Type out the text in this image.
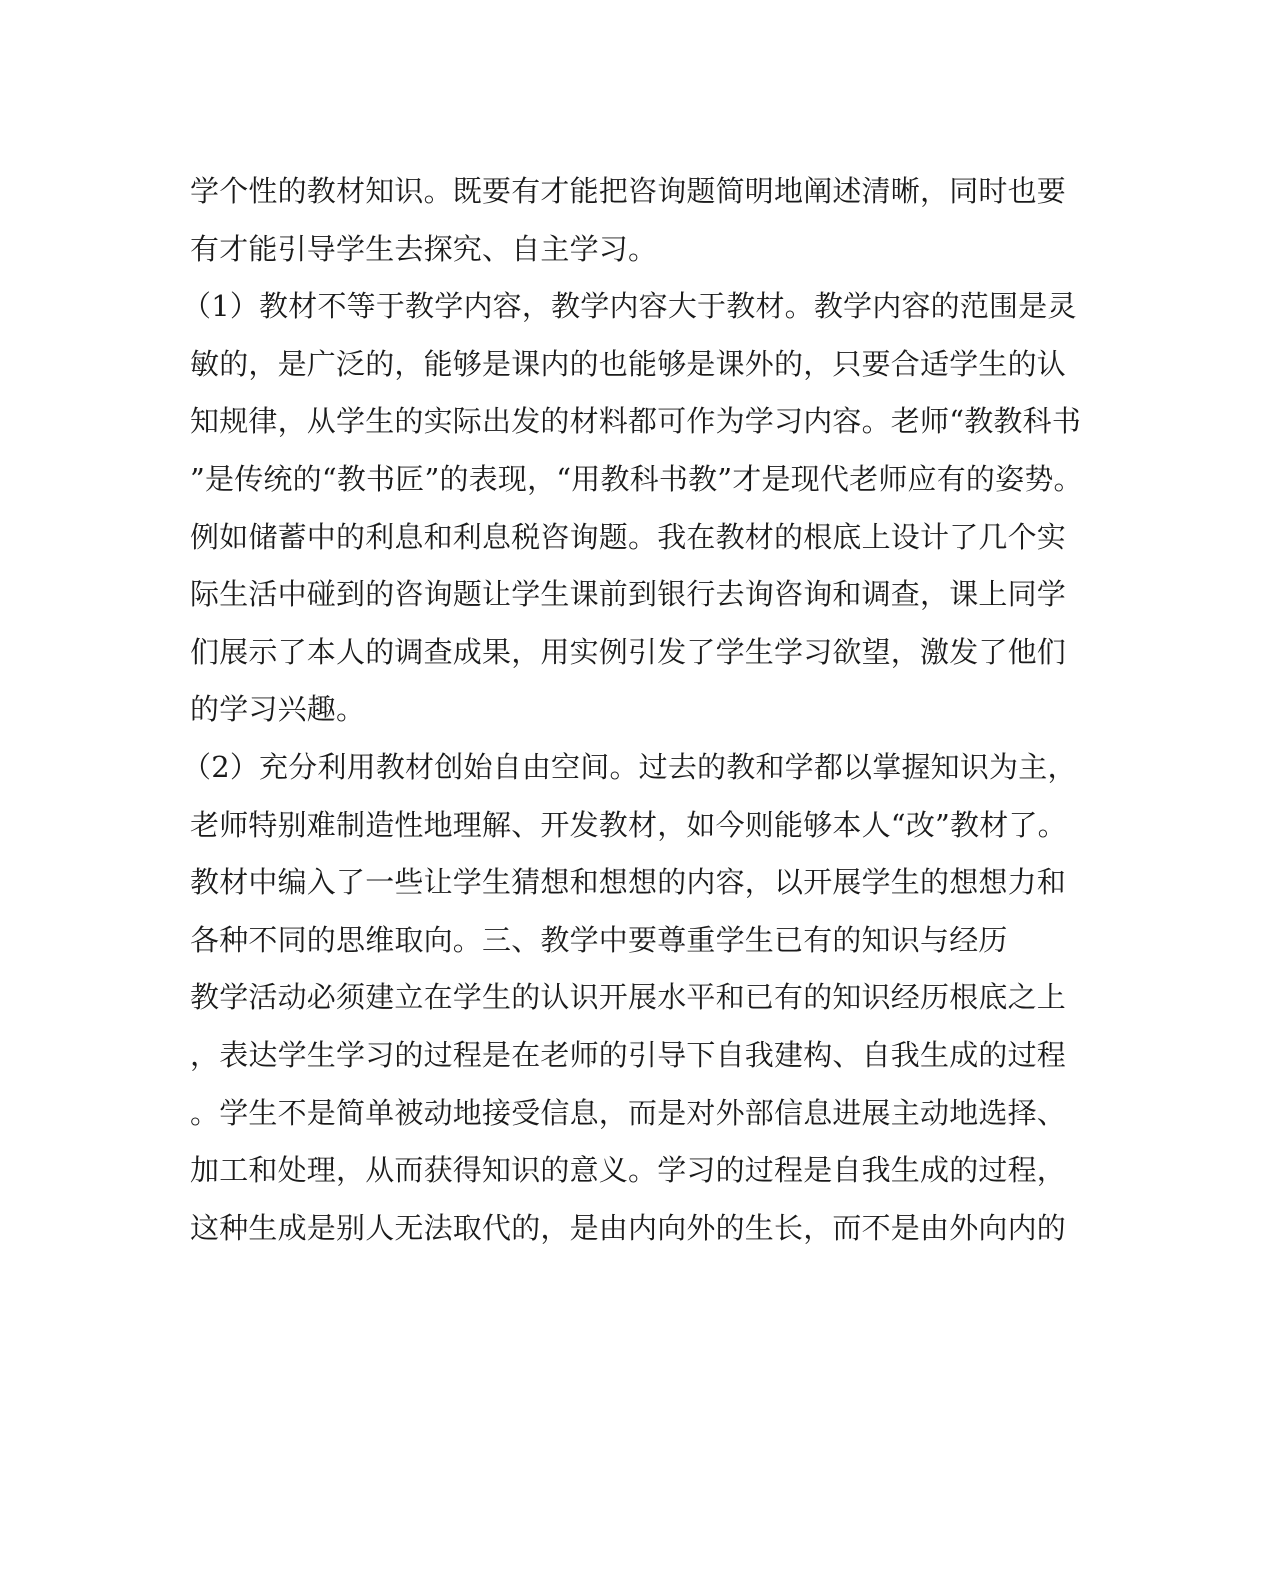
学个性的教材知识。既要有才能把咨询题简明地阐述清晰，同时也要
有才能引导学生去探究、自主学习。
（1）教材不等于教学内容，教学内容大于教材。教学内容的范围是灵
敏的，是广泛的，能够是课内的也能够是课外的，只要合适学生的认
知规律，从学生的实际出发的材料都可作为学习内容。老师“教教科书
”是传统的“教书匠”的表现，“用教科书教”才是现代老师应有的姿势。
例如储蓄中的利息和利息税咨询题。我在教材的根底上设计了几个实
际生活中碰到的咨询题让学生课前到银行去询咨询和调查，课上同学
们展示了本人的调查成果，用实例引发了学生学习欲望，激发了他们
的学习兴趣。
（2）充分利用教材创始自由空间。过去的教和学都以掌握知识为主，
老师特别难制造性地理解、开发教材，如今则能够本人“改”教材了。
教材中编入了一些让学生猜想和想想的内容，以开展学生的想想力和
各种不同的思维取向。三、教学中要尊重学生已有的知识与经历
教学活动必须建立在学生的认识开展水平和已有的知识经历根底之上
，表达学生学习的过程是在老师的引导下自我建构、自我生成的过程
。学生不是简单被动地接受信息，而是对外部信息进展主动地选择、
加工和处理，从而获得知识的意义。学习的过程是自我生成的过程，
这种生成是别人无法取代的，是由内向外的生长，而不是由外向内的
